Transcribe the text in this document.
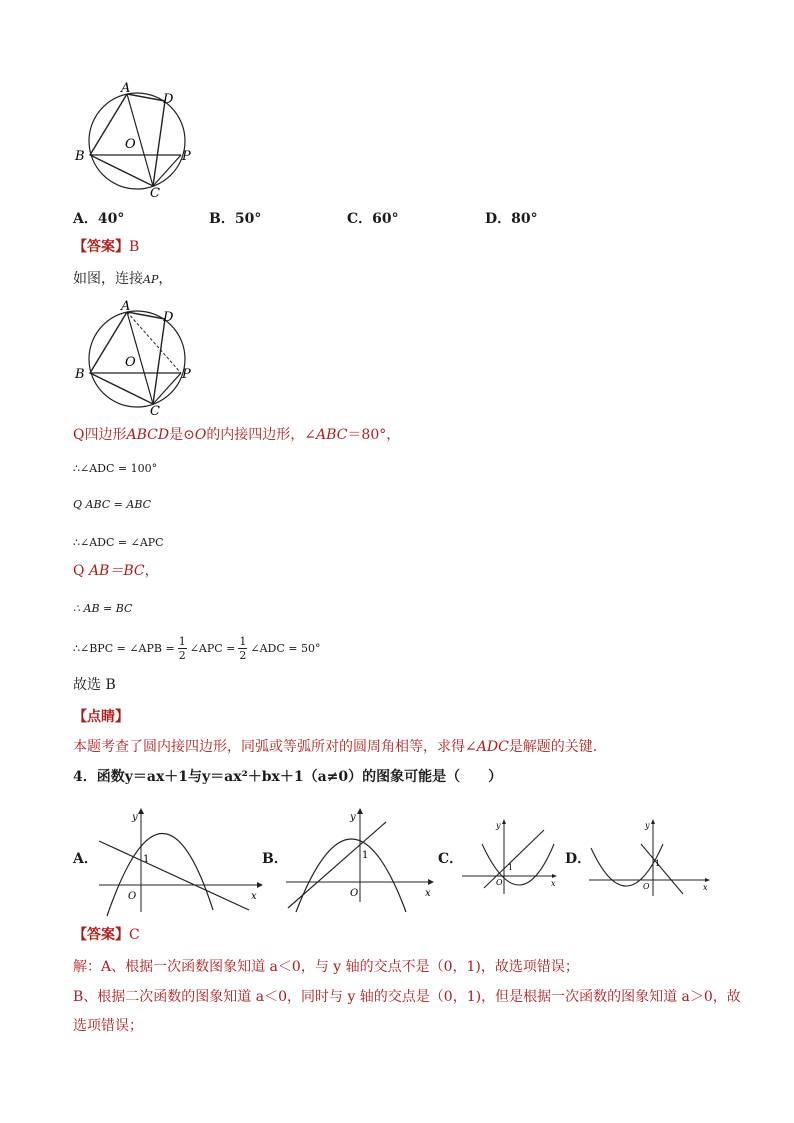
A
D
B
O
P
C
A．40°	B．50°	C．60°	D．80°
【答案】B
如图，连接AP，
A
D
B
O
P
C
Q四边形ABCD是⊙O的内接四边形，∠ABC＝80°，
∴∠ADC = 100°
Q ABC = ABC
∴∠ADC = ∠APC
Q AB＝BC，
∴ AB = BC
∴∠BPC = ∠APB = $\frac{1}{2}$ ∠APC = $\frac{1}{2}$ ∠ADC = 50°
故选 B
【点睛】
本题考查了圆内接四边形，同弧或等弧所对的圆周角相等，求得∠ADC是解题的关键．
4．函数y＝ax＋1与y＝ax²＋bx＋1（a≠0）的图象可能是（　　）
A．	B．	C．	D．
y
x
O
1
y
x
O
1
y
x
O
1
y
x
O
1
【答案】C
解：A、根据一次函数图象知道 a＜0，与 y 轴的交点不是（0，1)，故选项错误；
B、根据二次函数的图象知道 a＜0，同时与 y 轴的交点是（0，1)，但是根据一次函数的图象知道 a＞0，故
选项错误；
